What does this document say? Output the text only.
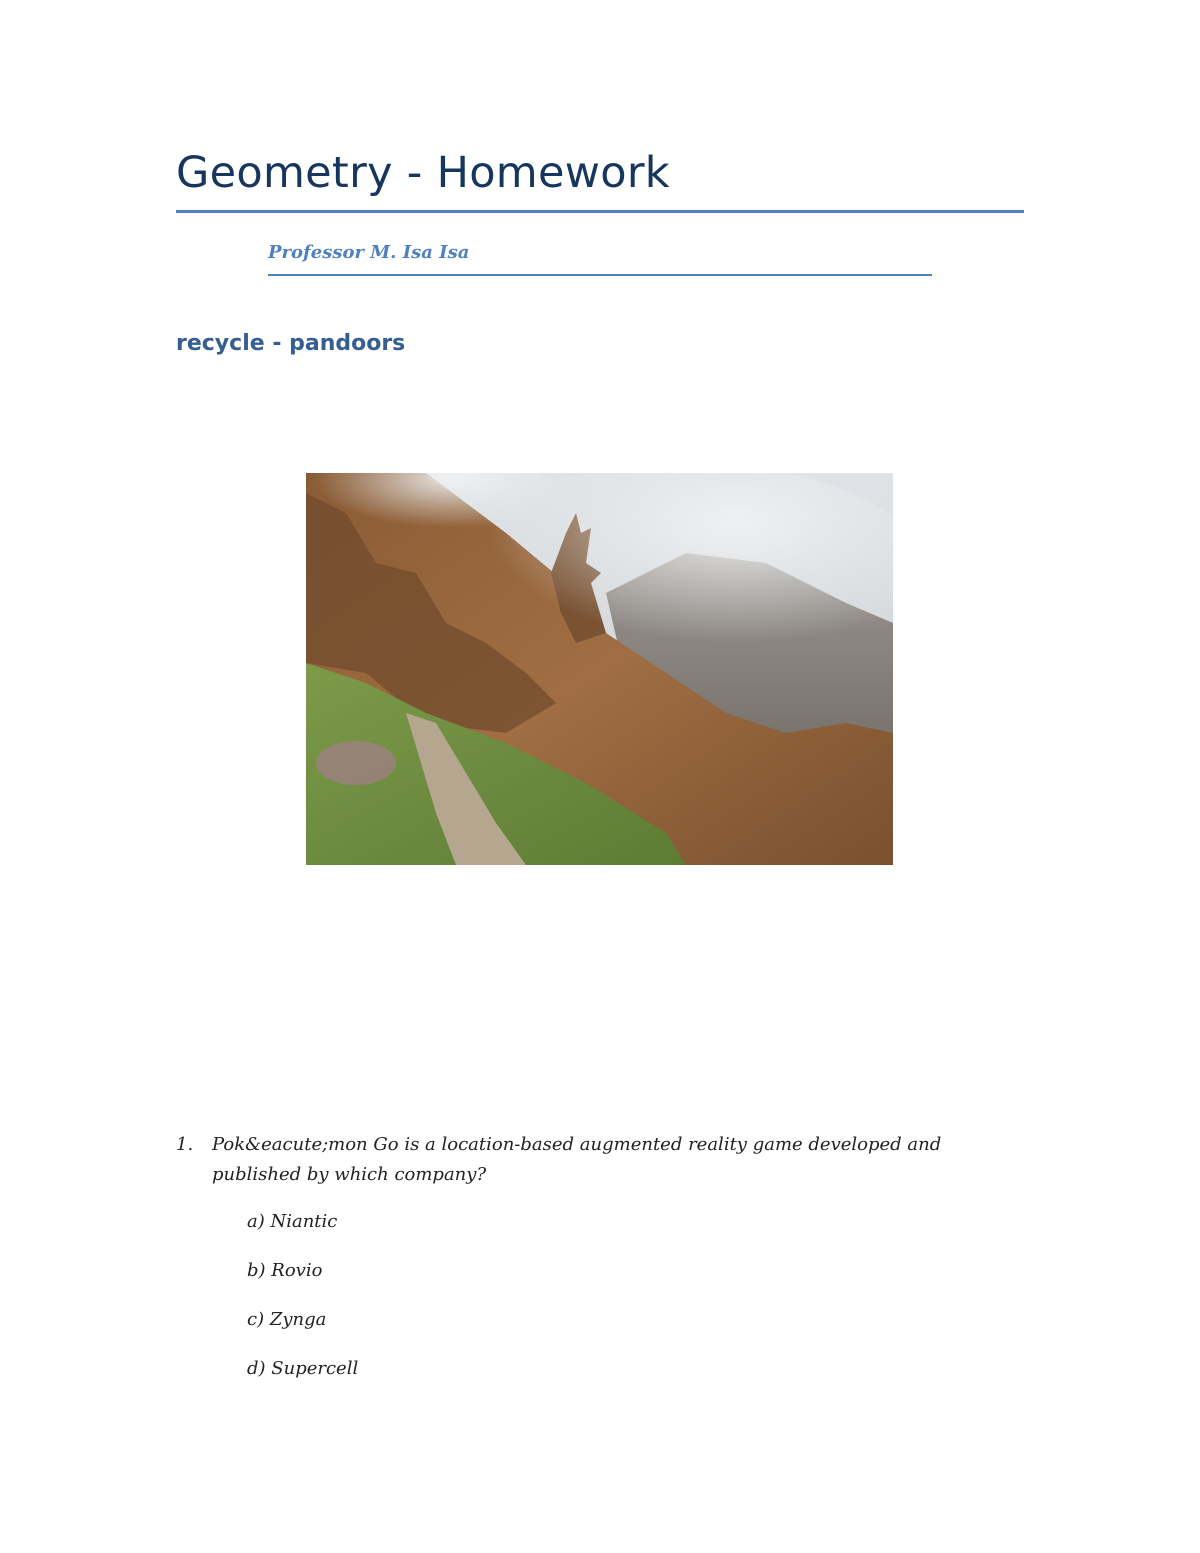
Geometry - Homework
Professor M. Isa Isa
recycle - pandoors
1. Pok&eacute;mon Go is a location-based augmented reality game developed and published by which company?
a) Niantic
b) Rovio
c) Zynga
d) Supercell
